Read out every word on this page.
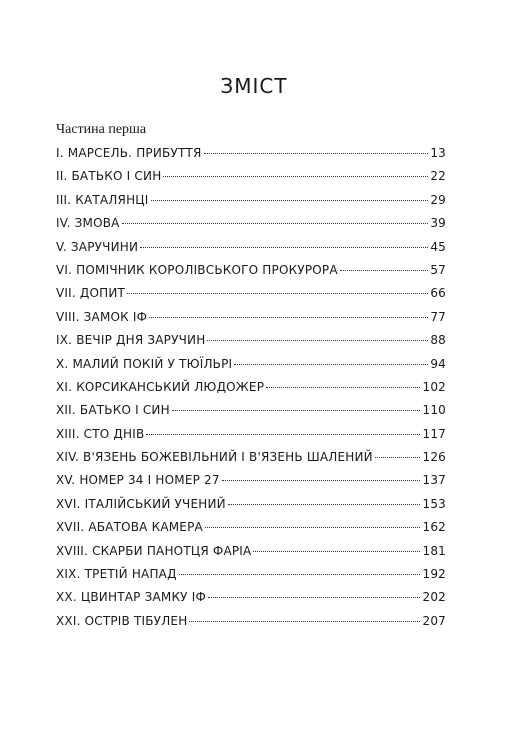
ЗМІСТ
Частина перша
I. МАРСЕЛЬ. ПРИБУТТЯ	13
II. БАТЬКО І СИН	22
III. КАТАЛЯНЦІ	29
IV. ЗМОВА	39
V. ЗАРУЧИНИ	45
VI. ПОМІЧНИК КОРОЛІВСЬКОГО ПРОКУРОРА	57
VII. ДОПИТ	66
VIII. ЗАМОК ІФ	77
IX. ВЕЧІР ДНЯ ЗАРУЧИН	88
X. МАЛИЙ ПОКІЙ У ТЮЇЛЬРІ	94
XI. КОРСИКАНСЬКИЙ ЛЮДОЖЕР	102
XII. БАТЬКО І СИН	110
XIII. СТО ДНІВ	117
XIV. В'ЯЗЕНЬ БОЖЕВІЛЬНИЙ І В'ЯЗЕНЬ ШАЛЕНИЙ	126
XV. НОМЕР 34 І НОМЕР 27	137
XVI. ІТАЛІЙСЬКИЙ УЧЕНИЙ	153
XVII. АБАТОВА КАМЕРА	162
XVIII. СКАРБИ ПАНОТЦЯ ФАРІА	181
XIX. ТРЕТІЙ НАПАД	192
XX. ЦВИНТАР ЗАМКУ ІФ	202
XXI. ОСТРІВ ТІБУЛЕН	207
